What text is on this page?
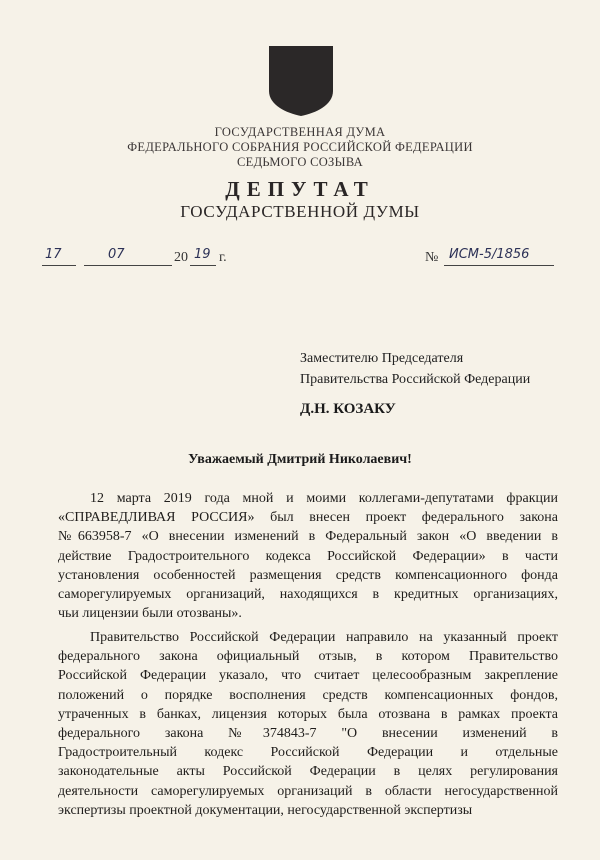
ГОСУДАРСТВЕННАЯ ДУМА
ФЕДЕРАЛЬНОГО СОБРАНИЯ РОССИЙСКОЙ ФЕДЕРАЦИИ
СЕДЬМОГО СОЗЫВА
ДЕПУТАТ
ГОСУДАРСТВЕННОЙ ДУМЫ
17	07	20 19 г.	№ ИСМ-5/1856
Заместителю Председателя
Правительства Российской Федерации
Д.Н. КОЗАКУ
Уважаемый Дмитрий Николаевич!
12 марта 2019 года мной и моими коллегами-депутатами фракции
«СПРАВЕДЛИВАЯ РОССИЯ» был внесен проект федерального закона
№663958-7 «О внесении изменений в Федеральный закон «О введении в
действие Градостроительного кодекса Российской Федерации» в части
установления особенностей размещения средств компенсационного фонда
саморегулируемых организаций, находящихся в кредитных организациях,
чьи лицензии были отозваны».
Правительство Российской Федерации направило на указанный проект
федерального закона официальный отзыв, в котором Правительство
Российской Федерации указало, что считает целесообразным закрепление
положений о порядке восполнения средств компенсационных фондов,
утраченных в банках, лицензия которых была отозвана в рамках проекта
федерального закона №374843-7 "О внесении изменений в
Градостроительный кодекс Российской Федерации и отдельные
законодательные акты Российской Федерации в целях регулирования
деятельности саморегулируемых организаций в области негосударственной
экспертизы проектной документации, негосударственной экспертизы
